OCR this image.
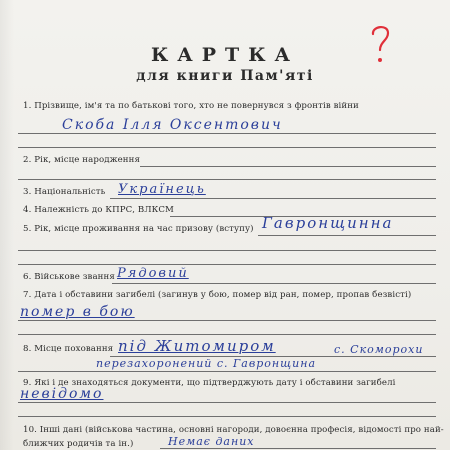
КАРТКА
для книги Пам'яті
1. Прізвище, ім'я та по батькові того, хто не повернувся з фронтів війни
Скоба Ілля Оксентович
2. Рік, місце народження
3. Національність Українець
4. Належність до КПРС, ВЛКСМ
5. Рік, місце проживання на час призову (вступу) Гавронщинна
6. Військове звання Рядовий
7. Дата і обставини загибелі (загинув у бою, помер від ран, помер, пропав безвісті)
помер в бою
8. Місце поховання під Житомиром	с. Скоморохи
перезахоронений с. Гавронщина
9. Які і де знаходяться документи, що підтверджують дату і обставини загибелі
невідомо
10. Інші дані (військова частина, основні нагороди, довоєнна професія, відомості про най-
ближчих родичів та ін.)	Немає даних
